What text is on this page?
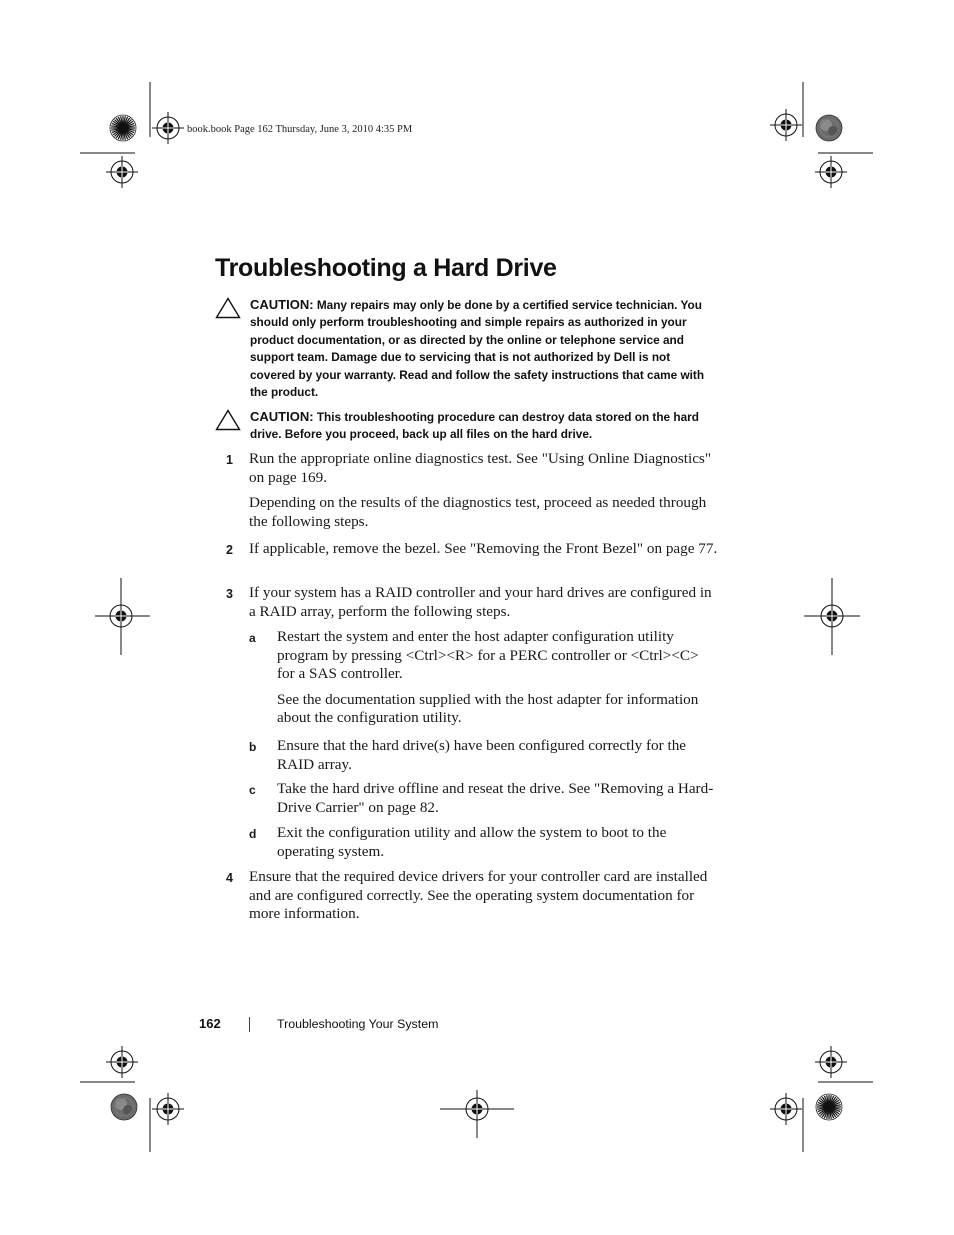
book.book Page 162 Thursday, June 3, 2010 4:35 PM
Troubleshooting a Hard Drive
CAUTION: Many repairs may only be done by a certified service technician. You should only perform troubleshooting and simple repairs as authorized in your product documentation, or as directed by the online or telephone service and support team. Damage due to servicing that is not authorized by Dell is not covered by your warranty. Read and follow the safety instructions that came with the product.
CAUTION: This troubleshooting procedure can destroy data stored on the hard drive. Before you proceed, back up all files on the hard drive.
1 Run the appropriate online diagnostics test. See "Using Online Diagnostics" on page 169.

Depending on the results of the diagnostics test, proceed as needed through the following steps.

2 If applicable, remove the bezel. See "Removing the Front Bezel" on page 77.

3 If your system has a RAID controller and your hard drives are configured in a RAID array, perform the following steps.

a Restart the system and enter the host adapter configuration utility program by pressing <Ctrl><R> for a PERC controller or <Ctrl><C> for a SAS controller.

See the documentation supplied with the host adapter for information about the configuration utility.

b Ensure that the hard drive(s) have been configured correctly for the RAID array.

c Take the hard drive offline and reseat the drive. See "Removing a Hard-Drive Carrier" on page 82.

d Exit the configuration utility and allow the system to boot to the operating system.

4 Ensure that the required device drivers for your controller card are installed and are configured correctly. See the operating system documentation for more information.

162	Troubleshooting Your System
